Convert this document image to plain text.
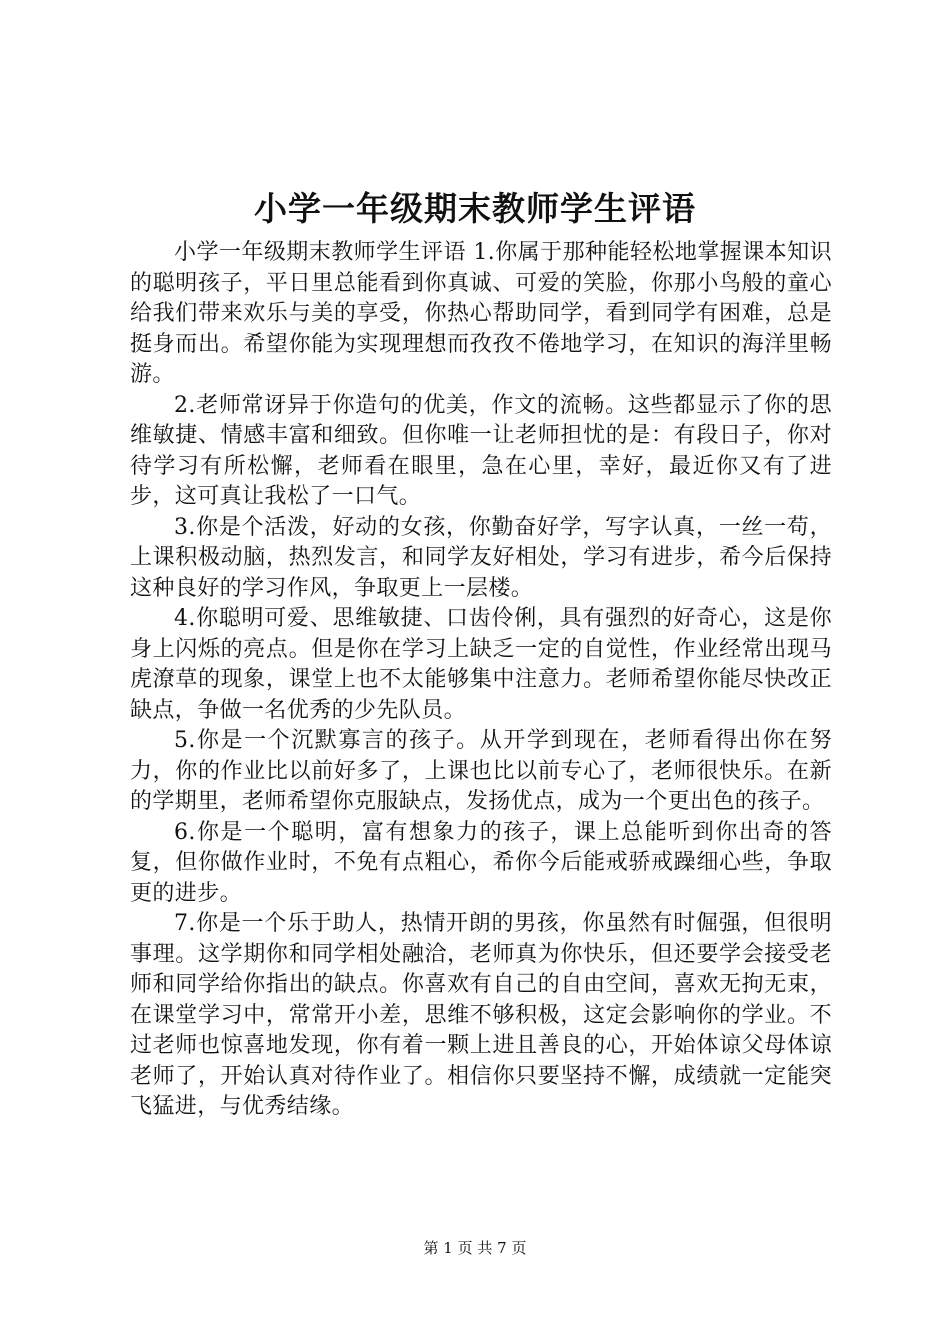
小学一年级期末教师学生评语

小学一年级期末教师学生评语 1.你属于那种能轻松地掌握课本知识的聪明孩子，平日里总能看到你真诚、可爱的笑脸，你那小鸟般的童心给我们带来欢乐与美的享受，你热心帮助同学，看到同学有困难，总是挺身而出。希望你能为实现理想而孜孜不倦地学习，在知识的海洋里畅游。

2.老师常讶异于你造句的优美，作文的流畅。这些都显示了你的思维敏捷、情感丰富和细致。但你唯一让老师担忧的是：有段日子，你对待学习有所松懈，老师看在眼里，急在心里，幸好，最近你又有了进步，这可真让我松了一口气。

3.你是个活泼，好动的女孩，你勤奋好学，写字认真，一丝一苟，上课积极动脑，热烈发言，和同学友好相处，学习有进步，希今后保持这种良好的学习作风，争取更上一层楼。

4.你聪明可爱、思维敏捷、口齿伶俐，具有强烈的好奇心，这是你身上闪烁的亮点。但是你在学习上缺乏一定的自觉性，作业经常出现马虎潦草的现象，课堂上也不太能够集中注意力。老师希望你能尽快改正缺点，争做一名优秀的少先队员。

5.你是一个沉默寡言的孩子。从开学到现在，老师看得出你在努力，你的作业比以前好多了，上课也比以前专心了，老师很快乐。在新的学期里，老师希望你克服缺点，发扬优点，成为一个更出色的孩子。

6.你是一个聪明，富有想象力的孩子，课上总能听到你出奇的答复，但你做作业时，不免有点粗心，希你今后能戒骄戒躁细心些，争取更的进步。

7.你是一个乐于助人，热情开朗的男孩，你虽然有时倔强，但很明事理。这学期你和同学相处融洽，老师真为你快乐，但还要学会接受老师和同学给你指出的缺点。你喜欢有自己的自由空间，喜欢无拘无束，在课堂学习中，常常开小差，思维不够积极，这定会影响你的学业。不过老师也惊喜地发现，你有着一颗上进且善良的心，开始体谅父母体谅老师了，开始认真对待作业了。相信你只要坚持不懈，成绩就一定能突飞猛进，与优秀结缘。

第 1 页 共 7 页
